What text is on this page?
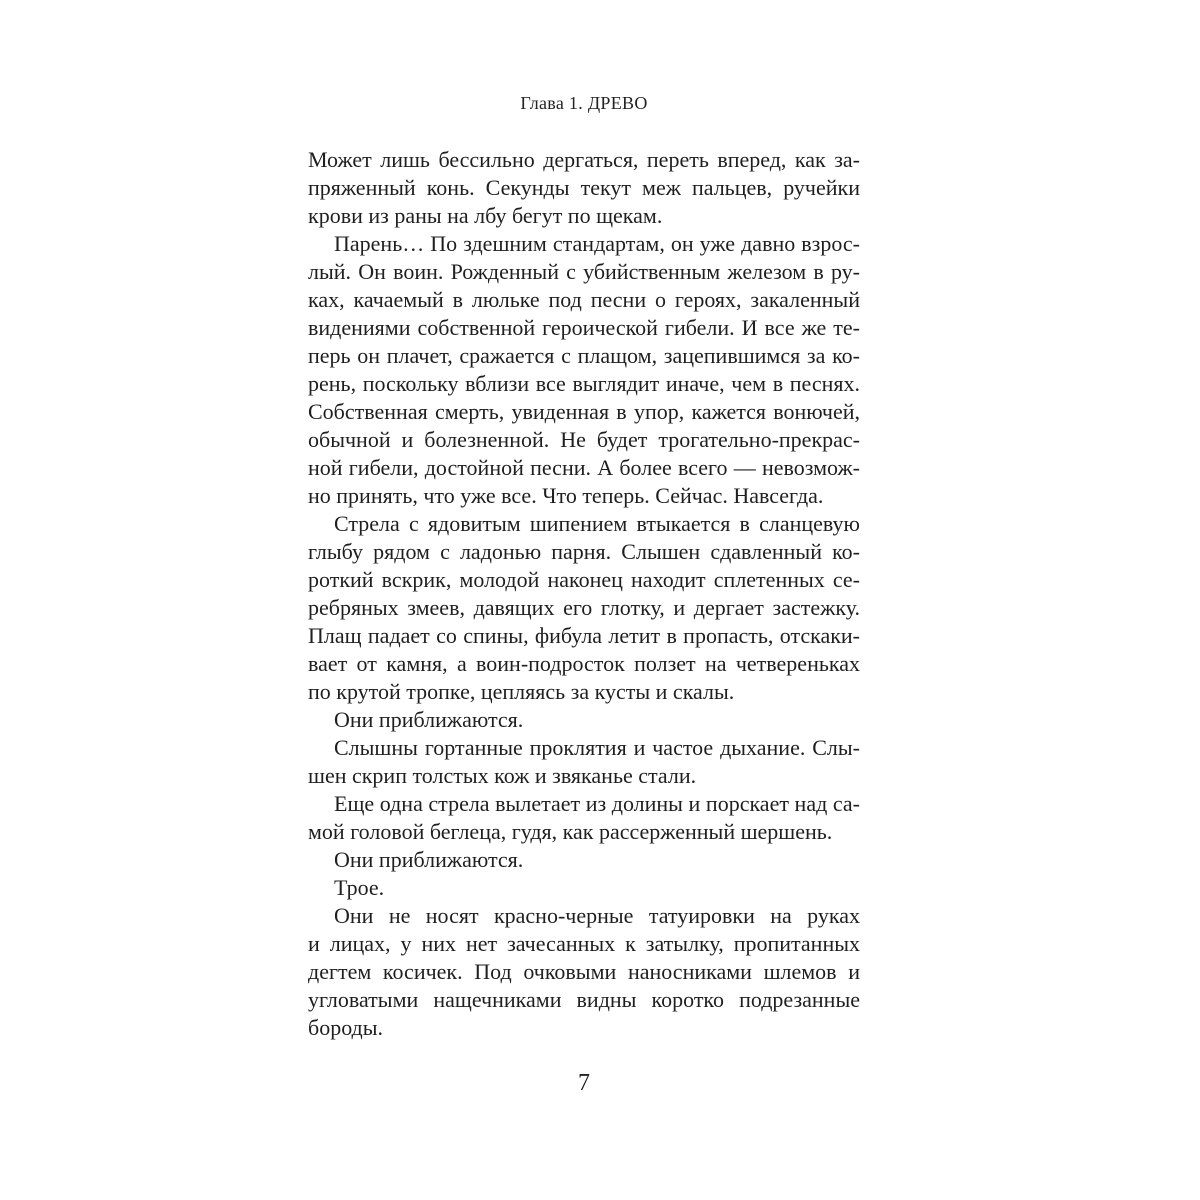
Глава 1. ДРЕВО

Может лишь бессильно дергаться, переть вперед, как за-
пряженный конь. Секунды текут меж пальцев, ручейки
крови из раны на лбу бегут по щекам.

Парень… По здешним стандартам, он уже давно взрос-
лый. Он воин. Рожденный с убийственным железом в ру-
ках, качаемый в люльке под песни о героях, закаленный
видениями собственной героической гибели. И все же те-
перь он плачет, сражается с плащом, зацепившимся за ко-
рень, поскольку вблизи все выглядит иначе, чем в песнях.
Собственная смерть, увиденная в упор, кажется вонючей,
обычной и болезненной. Не будет трогательно-прекрас-
ной гибели, достойной песни. А более всего — невозмож-
но принять, что уже все. Что теперь. Сейчас. Навсегда.

Стрела с ядовитым шипением втыкается в сланцевую
глыбу рядом с ладонью парня. Слышен сдавленный ко-
роткий вскрик, молодой наконец находит сплетенных се-
ребряных змеев, давящих его глотку, и дергает застежку.
Плащ падает со спины, фибула летит в пропасть, отскаки-
вает от камня, а воин-подросток ползет на четвереньках
по крутой тропке, цепляясь за кусты и скалы.

Они приближаются.

Слышны гортанные проклятия и частое дыхание. Слы-
шен скрип толстых кож и звяканье стали.

Еще одна стрела вылетает из долины и порскает над са-
мой головой беглеца, гудя, как рассерженный шершень.

Они приближаются.

Трое.

Они не носят красно-черные татуировки на руках
и лицах, у них нет зачесанных к затылку, пропитанных
дегтем косичек. Под очковыми наносниками шлемов и
угловатыми нащечниками видны коротко подрезанные
бороды.

7
